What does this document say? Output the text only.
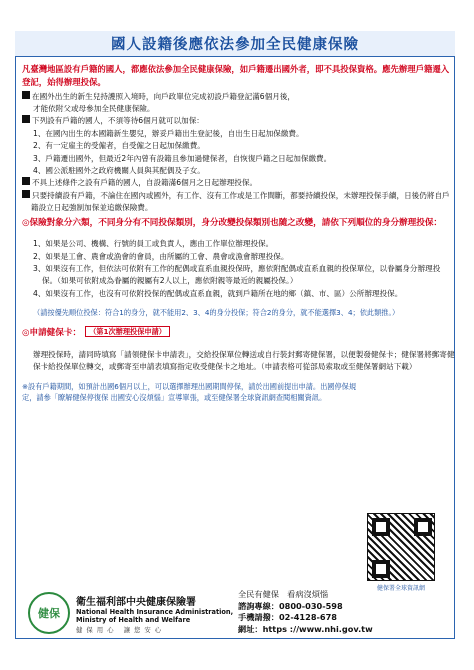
國人設籍後應依法參加全民健康保險

凡臺灣地區設有戶籍的國人，都應依法參加全民健康保險，如戶籍遷出國外者，即不具投保資格。應先辦理戶籍遷入登記，始得辦理投保。

在國外出生的新生兒持護照入境時，向戶政單位完成初設戶籍登記滿6個月後，

才能依附父或母參加全民健康保險。

下列設有戶籍的國人，不須等待6個月就可以加保：

1、在國內出生的本國籍新生嬰兒，辦妥戶籍出生登記後，自出生日起加保繳費。

2、有一定雇主的受僱者，自受僱之日起加保繳費。

3、戶籍遷出國外，但最近2年內曾有設籍且參加過健保者，自恢復戶籍之日起加保繳費。

4、國公派駐國外之政府機關人員與其配偶及子女。

不具上述條件之設有戶籍的國人，自設籍滿6個月之日起辦理投保。

只要持續設有戶籍，不論住在國內或國外，有工作、沒有工作或是工作間斷，都要持續投保，未辦理投保手續，日後仍將自戶籍設立日起強制加保並追繳保險費。

◎保險對象分六類，不同身分有不同投保類別，身分改變投保類別也隨之改變，請依下列順位的身分辦理投保：

1、如果是公司、機構、行號的員工或負責人，應由工作單位辦理投保。

2、如果是工會、農會或漁會的會員，由所屬的工會、農會或漁會辦理投保。

3、如果沒有工作，但依法可依附有工作的配偶或直系血親投保時，應依附配偶或直系血親的投保單位，以眷屬身分辦理投保。（如果可依附成為眷屬的親屬有2人以上，應依附親等最近的親屬投保。）

4、如果沒有工作，也沒有可依附投保的配偶或直系血親，就到戶籍所在地的鄉（鎮、市、區）公所辦理投保。

（請按優先順位投保：符合1的身分，就不能用2、3、4的身分投保；符合2的身分，就不能選擇3、4；依此類推。）

◎申請健保卡： （第1次辦理投保申請）

辦理投保時，請同時填寫「請領健保卡申請表」，交給投保單位轉送或自行裝封郵寄健保署，以便製發健保卡；健保署將郵寄健保卡給投保單位轉交，或郵寄至申請表填寫指定收受健保卡之地址。（申請表格可從部局索取或至健保署網站下載）

※設有戶籍期間，如預計出國6個月以上，可以選擇辦理出國期間停保，請於出國前提出申請。出國停保規定，請參「瞭解健保停復保 出國安心沒煩惱」宣導單張，或至健保署全球資訊網查閱相關資訊。

健保署全球資訊網
健保
衛生福利部中央健康保險署
National Health Insurance Administration,
Ministry of Health and Welfare
健保用心 讓您安心
全民有健保　看病沒煩惱
諮詢專線：0800-030-598
手機請撥：02-4128-678
網址：https ://www.nhi.gov.tw
